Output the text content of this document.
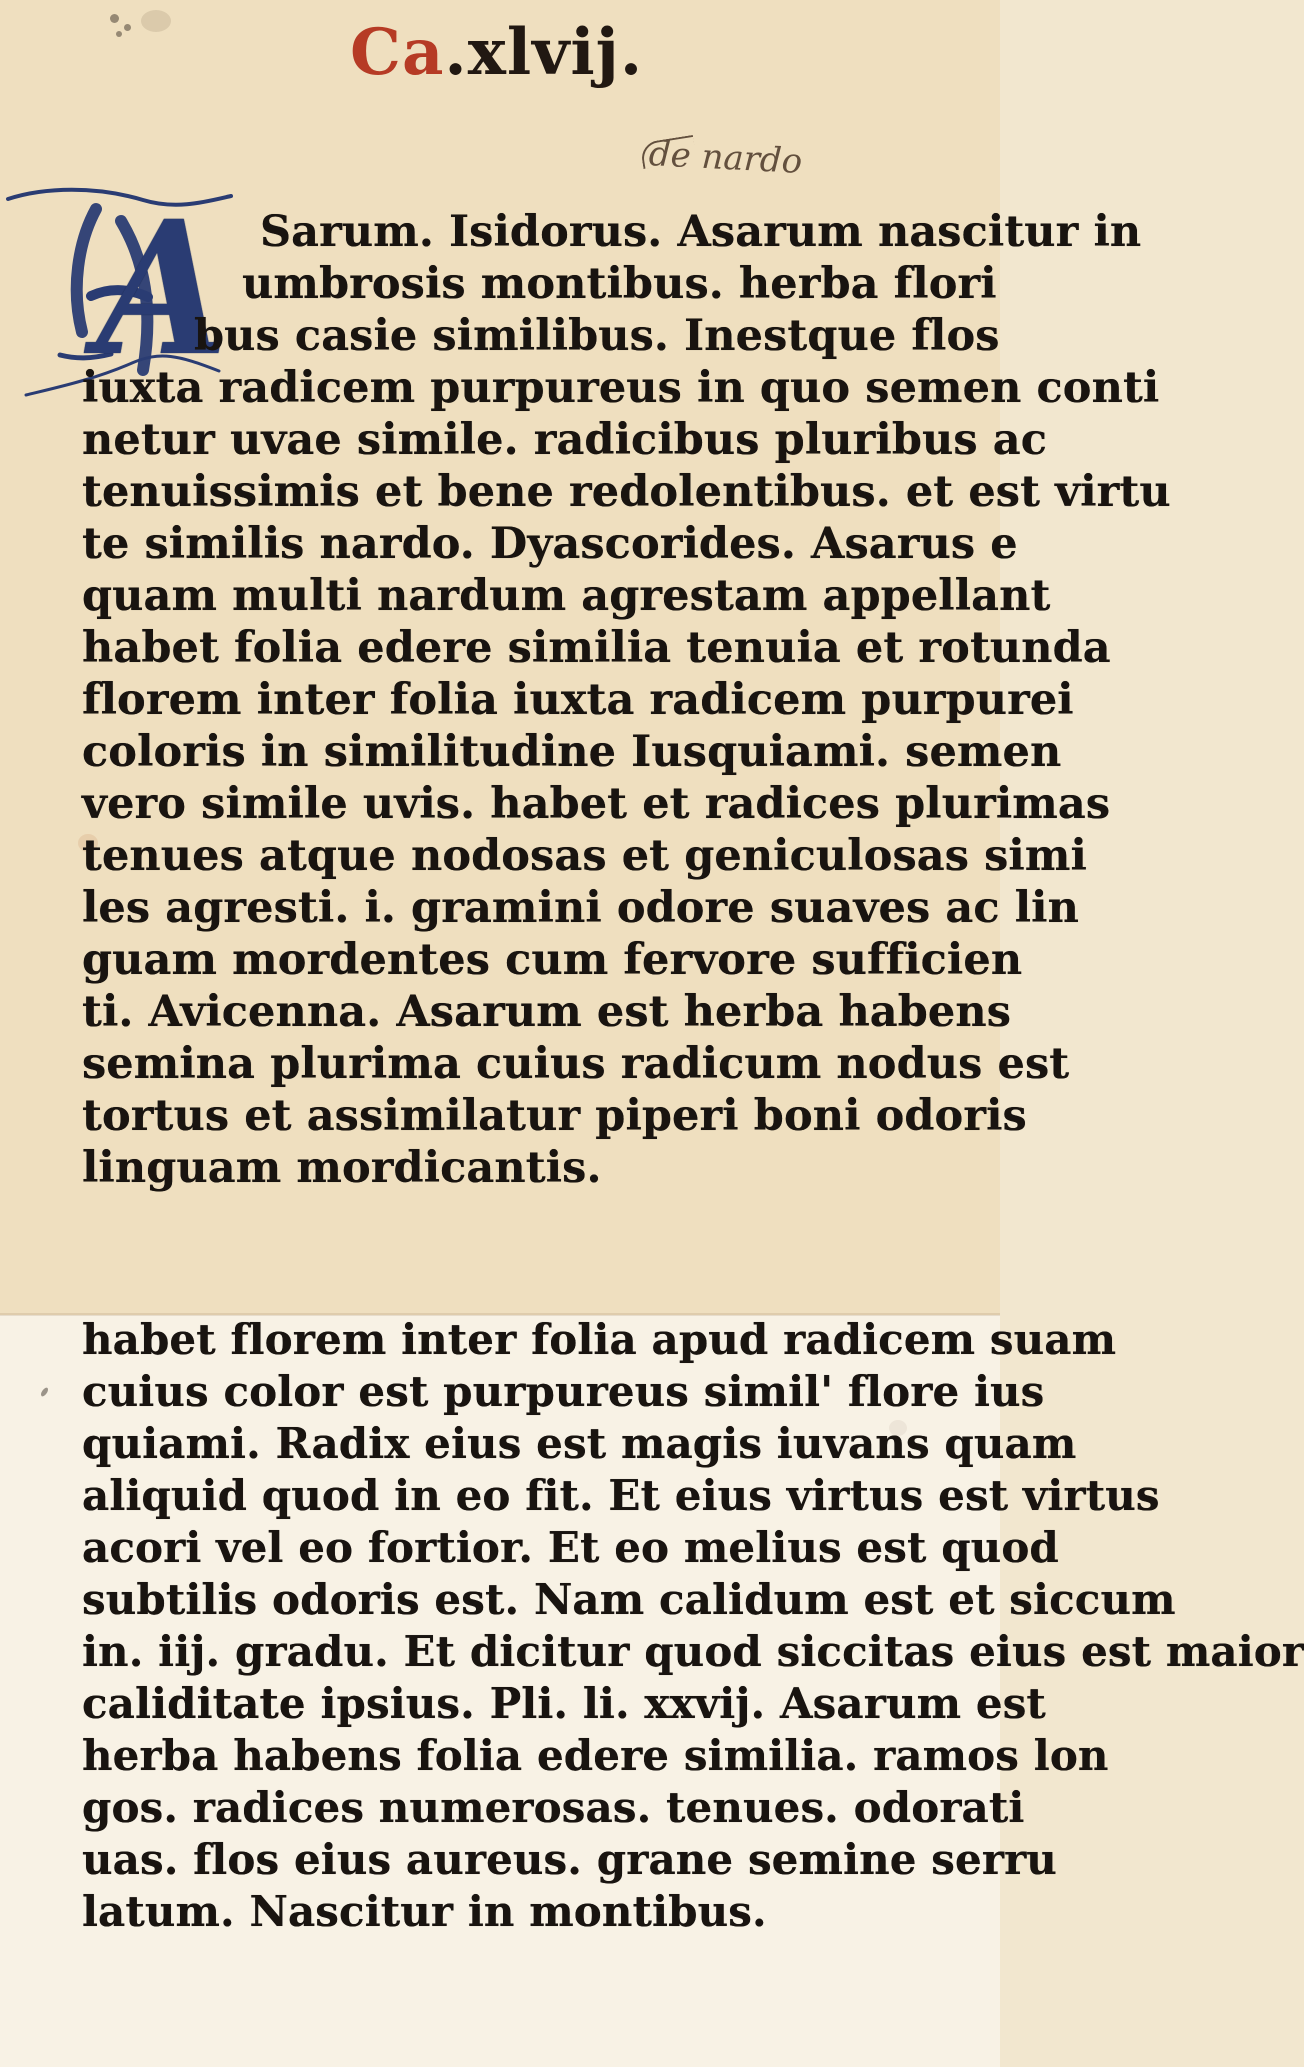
Ca.xlvij.
de nardo
A Sarum. Isidorus. Asarum nascitur in
umbrosis montibus. herba flori
bus casie similibus. Inestque flos
iuxta radicem purpureus in quo semen conti
netur uvae simile. radicibus pluribus ac
tenuissimis et bene redolentibus. et est virtu
te similis nardo. Dyascorides. Asarus e
quam multi nardum agrestam appellant
habet folia edere similia tenuia et rotunda
florem inter folia iuxta radicem purpurei
coloris in similitudine Iusquiami. semen
vero simile uvis. habet et radices plurimas
tenues atque nodosas et geniculosas simi
les agresti. i. gramini odore suaves ac lin
guam mordentes cum fervore sufficien
ti. Avicenna. Asarum est herba habens
semina plurima cuius radicum nodus est
tortus et assimilatur piperi boni odoris
linguam mordicantis.
habet florem inter folia apud radicem suam
cuius color est purpureus simil' flore ius
quiami. Radix eius est magis iuvans quam
aliquid quod in eo fit. Et eius virtus est virtus
acori vel eo fortior. Et eo melius est quod
subtilis odoris est. Nam calidum est et siccum
in. iij. gradu. Et dicitur quod siccitas eius est maior
caliditate ipsius. Pli. li. xxvij. Asarum est
herba habens folia edere similia. ramos lon
gos. radices numerosas. tenues. odorati
uas. flos eius aureus. grane semine serru
latum. Nascitur in montibus.
